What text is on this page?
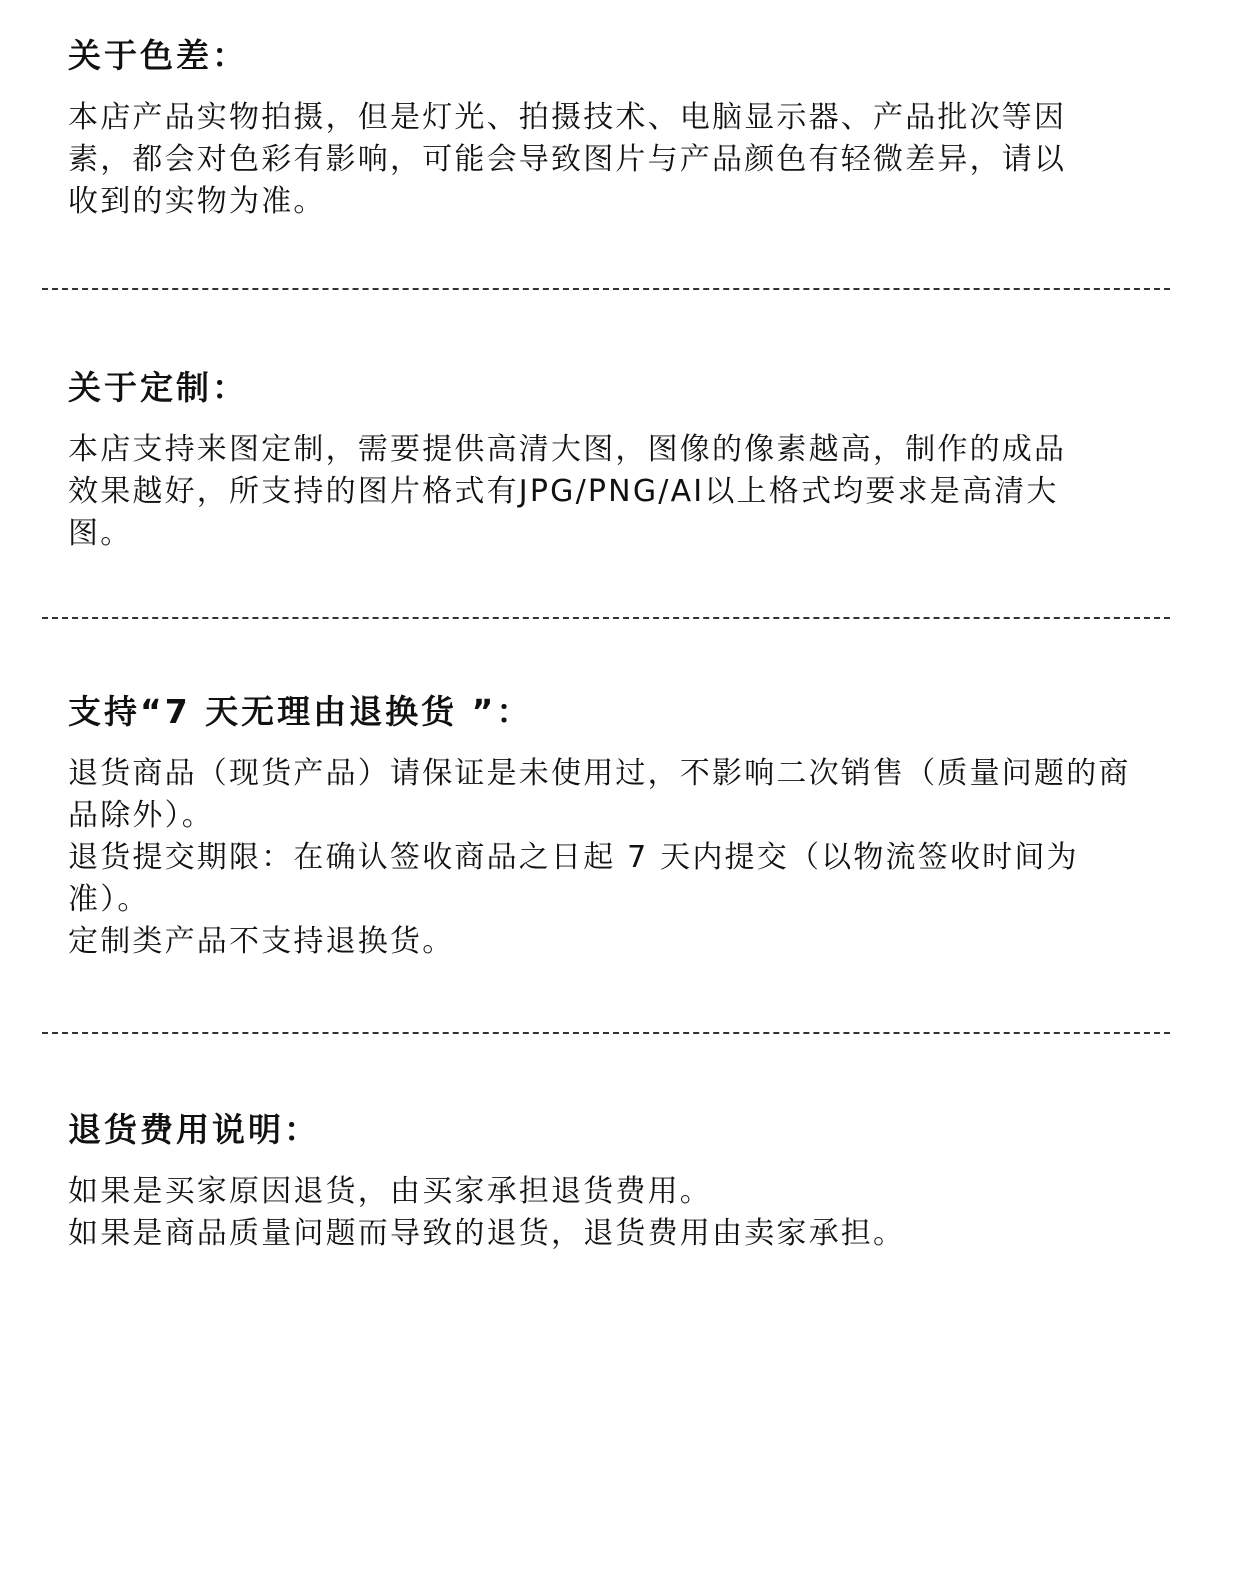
关于色差：
本店产品实物拍摄，但是灯光、拍摄技术、电脑显示器、产品批次等因
素，都会对色彩有影响，可能会导致图片与产品颜色有轻微差异，请以
收到的实物为准。
关于定制：
本店支持来图定制，需要提供高清大图，图像的像素越高，制作的成品
效果越好，所支持的图片格式有JPG/PNG/AI以上格式均要求是高清大
图。
支持“7 天无理由退换货 ”：
退货商品（现货产品）请保证是未使用过，不影响二次销售（质量问题的商
品除外）。
退货提交期限：在确认签收商品之日起 7 天内提交（以物流签收时间为
准）。
定制类产品不支持退换货。
退货费用说明：
如果是买家原因退货，由买家承担退货费用。
如果是商品质量问题而导致的退货，退货费用由卖家承担。
